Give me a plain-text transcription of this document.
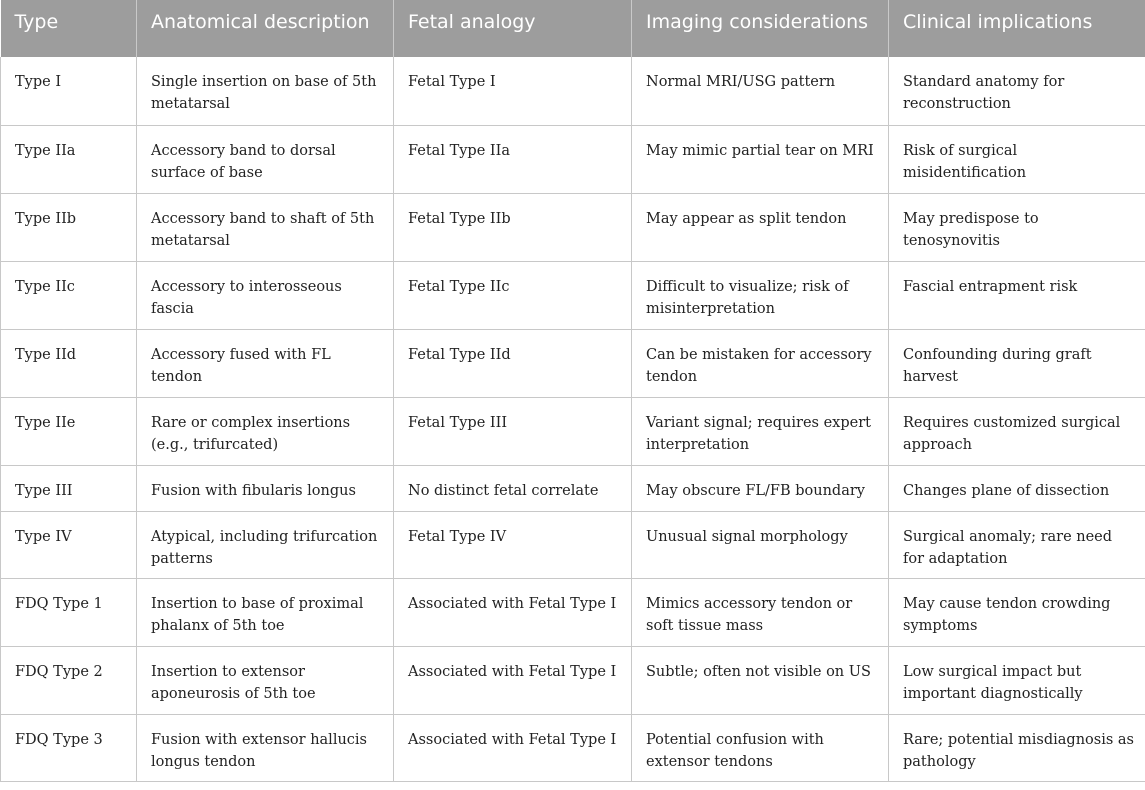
Type	Anatomical description	Fetal analogy	Imaging considerations	Clinical implications
Type I	Single insertion on base of 5th metatarsal	Fetal Type I	Normal MRI/USG pattern	Standard anatomy for reconstruction
Type IIa	Accessory band to dorsal surface of base	Fetal Type IIa	May mimic partial tear on MRI	Risk of surgical misidentification
Type IIb	Accessory band to shaft of 5th metatarsal	Fetal Type IIb	May appear as split tendon	May predispose to tenosynovitis
Type IIc	Accessory to interosseous fascia	Fetal Type IIc	Difficult to visualize; risk of misinterpretation	Fascial entrapment risk
Type IId	Accessory fused with FL tendon	Fetal Type IId	Can be mistaken for accessory tendon	Confounding during graft harvest
Type IIe	Rare or complex insertions (e.g., trifurcated)	Fetal Type III	Variant signal; requires expert interpretation	Requires customized surgical approach
Type III	Fusion with fibularis longus	No distinct fetal correlate	May obscure FL/FB boundary	Changes plane of dissection
Type IV	Atypical, including trifurcation patterns	Fetal Type IV	Unusual signal morphology	Surgical anomaly; rare need for adaptation
FDQ Type 1	Insertion to base of proximal phalanx of 5th toe	Associated with Fetal Type I	Mimics accessory tendon or soft tissue mass	May cause tendon crowding symptoms
FDQ Type 2	Insertion to extensor aponeurosis of 5th toe	Associated with Fetal Type I	Subtle; often not visible on US	Low surgical impact but important diagnostically
FDQ Type 3	Fusion with extensor hallucis longus tendon	Associated with Fetal Type I	Potential confusion with extensor tendons	Rare; potential misdiagnosis as pathology
